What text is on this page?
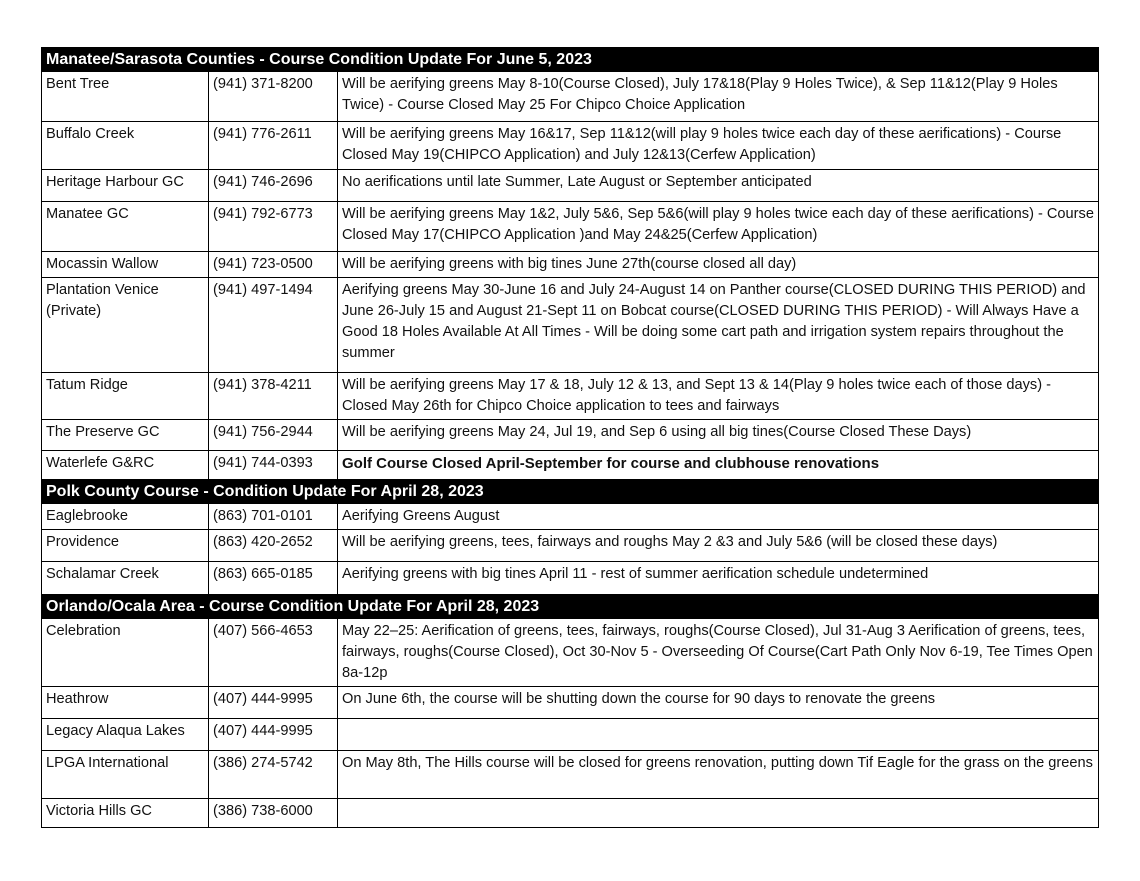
Manatee/Sarasota Counties - Course Condition Update For June 5, 2023		
Bent Tree	(941) 371-8200	Will be aerifying greens May 8-10(Course Closed), July 17&18(Play 9 Holes Twice), & Sep 11&12(Play 9 Holes Twice) - Course Closed May 25 For Chipco Choice Application
Buffalo Creek	(941) 776-2611	Will be aerifying greens May 16&17, Sep 11&12(will play 9 holes twice each day of these aerifications) - Course Closed May 19(CHIPCO Application) and July 12&13(Cerfew Application)
Heritage Harbour GC	(941) 746-2696	No aerifications until late Summer, Late August or September anticipated
Manatee GC	(941) 792-6773	Will be aerifying greens May 1&2, July 5&6, Sep 5&6(will play 9 holes twice each day of these aerifications) - Course Closed May 17(CHIPCO Application )and May 24&25(Cerfew Application)
Mocassin Wallow	(941) 723-0500	Will be aerifying greens with big tines June 27th(course closed all day)
Plantation Venice (Private)	(941) 497-1494	Aerifying greens May 30-June 16 and July 24-August 14 on Panther course(CLOSED DURING THIS PERIOD) and June 26-July 15 and August 21-Sept 11 on Bobcat course(CLOSED DURING THIS PERIOD) - Will Always Have a Good 18 Holes Available At All Times - Will be doing some cart path and irrigation system repairs throughout the summer
Tatum Ridge	(941) 378-4211	Will be aerifying greens May 17 & 18, July 12 & 13, and Sept 13 & 14(Play 9 holes twice each of those days) - Closed May 26th for Chipco Choice application to tees and fairways
The Preserve GC	(941) 756-2944	Will be aerifying greens May 24, Jul 19, and Sep 6 using all big tines(Course Closed These Days)
Waterlefe G&RC	(941) 744-0393	Golf Course Closed April-September for course and clubhouse renovations
Polk County Course - Condition Update For April 28, 2023		
Eaglebrooke	(863) 701-0101	Aerifying Greens August
Providence	(863) 420-2652	Will be aerifying greens, tees, fairways and roughs May 2 &3 and July 5&6 (will be closed these days)
Schalamar Creek	(863) 665-0185	Aerifying greens with big tines April 11 - rest of summer aerification schedule undetermined
Orlando/Ocala Area - Course Condition Update For April 28, 2023		
Celebration	(407) 566-4653	May 22–25: Aerification of greens, tees, fairways, roughs(Course Closed), Jul 31-Aug 3 Aerification of greens, tees, fairways, roughs(Course Closed), Oct 30-Nov 5 - Overseeding Of Course(Cart Path Only Nov 6-19, Tee Times Open 8a-12p
Heathrow	(407) 444-9995	On June 6th, the course will be shutting down the course for 90 days to renovate the greens
Legacy Alaqua Lakes	(407) 444-9995	
LPGA International	(386) 274-5742	On May 8th, The Hills course will be closed for greens renovation, putting down Tif Eagle for the grass on the greens
Victoria Hills GC	(386) 738-6000	
